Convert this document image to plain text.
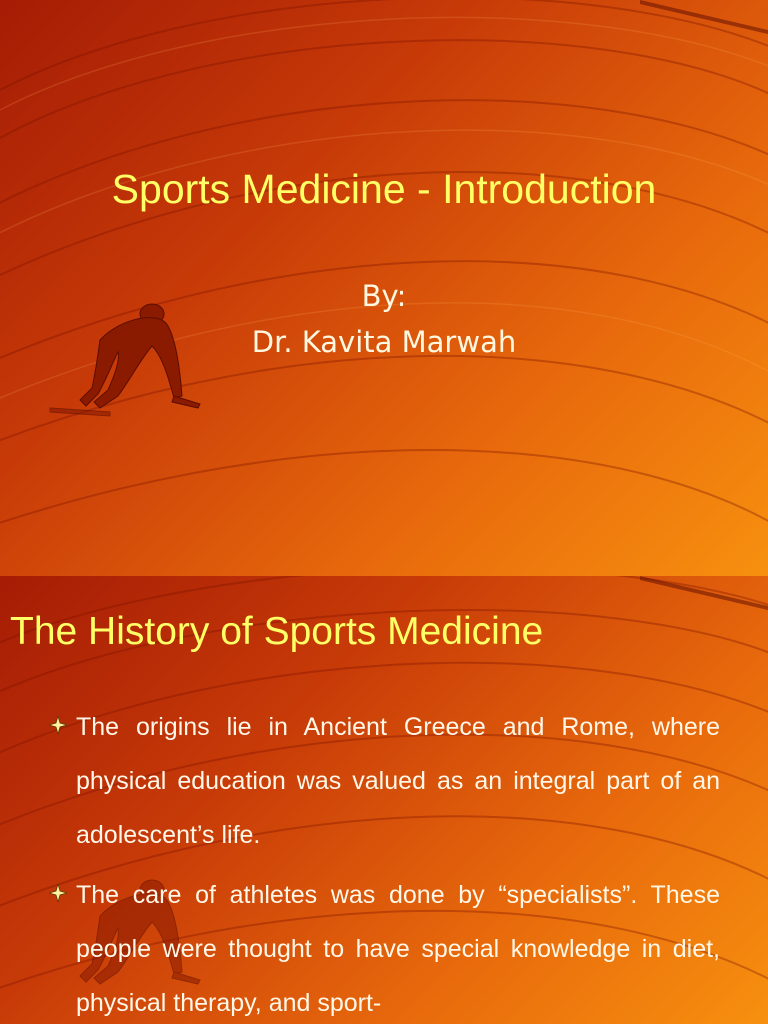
Sports Medicine - Introduction
By:
Dr. Kavita Marwah
The History of Sports Medicine
The origins lie in Ancient Greece and Rome, where physical education was valued as an integral part of an adolescent’s life.
The care of athletes was done by “specialists”. These people were thought to have special knowledge in diet, physical therapy, and sport-
